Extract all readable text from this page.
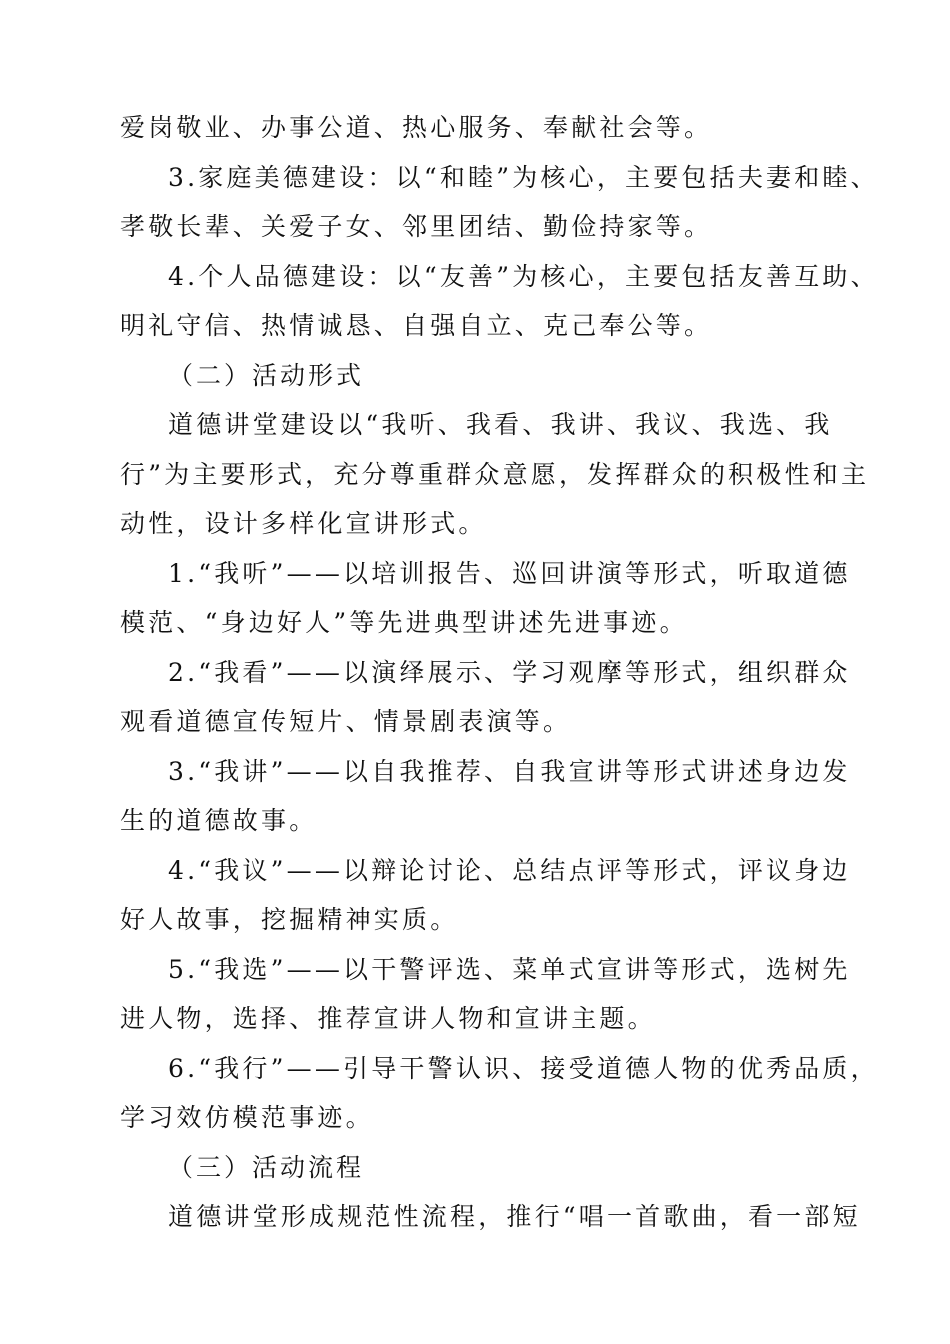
爱岗敬业、办事公道、热心服务、奉献社会等。
3.家庭美德建设：以“和睦”为核心，主要包括夫妻和睦、
孝敬长辈、关爱子女、邻里团结、勤俭持家等。
4.个人品德建设：以“友善”为核心，主要包括友善互助、
明礼守信、热情诚恳、自强自立、克己奉公等。
（二）活动形式
道德讲堂建设以“我听、我看、我讲、我议、我选、我
行”为主要形式，充分尊重群众意愿，发挥群众的积极性和主
动性，设计多样化宣讲形式。
1.“我听”——以培训报告、巡回讲演等形式，听取道德
模范、“身边好人”等先进典型讲述先进事迹。
2.“我看”——以演绎展示、学习观摩等形式，组织群众
观看道德宣传短片、情景剧表演等。
3.“我讲”——以自我推荐、自我宣讲等形式讲述身边发
生的道德故事。
4.“我议”——以辩论讨论、总结点评等形式，评议身边
好人故事，挖掘精神实质。
5.“我选”——以干警评选、菜单式宣讲等形式，选树先
进人物，选择、推荐宣讲人物和宣讲主题。
6.“我行”——引导干警认识、接受道德人物的优秀品质，
学习效仿模范事迹。
（三）活动流程
道德讲堂形成规范性流程，推行“唱一首歌曲，看一部短
